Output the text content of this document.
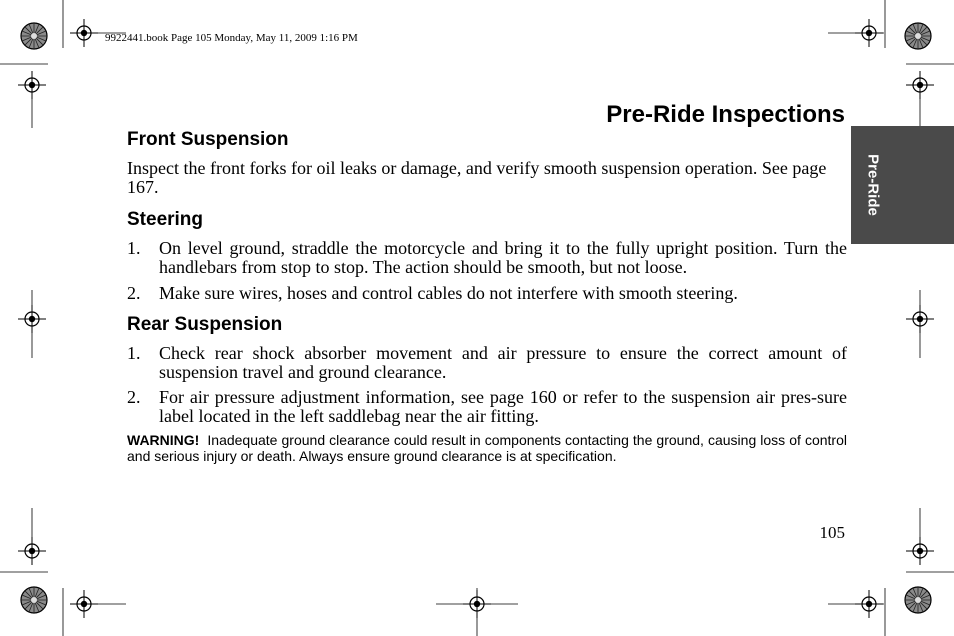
9922441.book Page 105 Monday, May 11, 2009 1:16 PM
Pre-Ride
Pre-Ride Inspections
Front Suspension

Inspect the front forks for oil leaks or damage, and verify smooth suspension operation. See page 167.

Steering
1. On level ground, straddle the motorcycle and bring it to the fully upright position. Turn the handlebars from stop to stop. The action should be smooth, but not loose.
2. Make sure wires, hoses and control cables do not interfere with smooth steering.
Rear Suspension
1. Check rear shock absorber movement and air pressure to ensure the correct amount of suspension travel and ground clearance.
2. For air pressure adjustment information, see page 160 or refer to the suspension air pres-sure label located in the left saddlebag near the air fitting.
WARNING! Inadequate ground clearance could result in components contacting the ground, causing loss of control and serious injury or death. Always ensure ground clearance is at specification.
105
